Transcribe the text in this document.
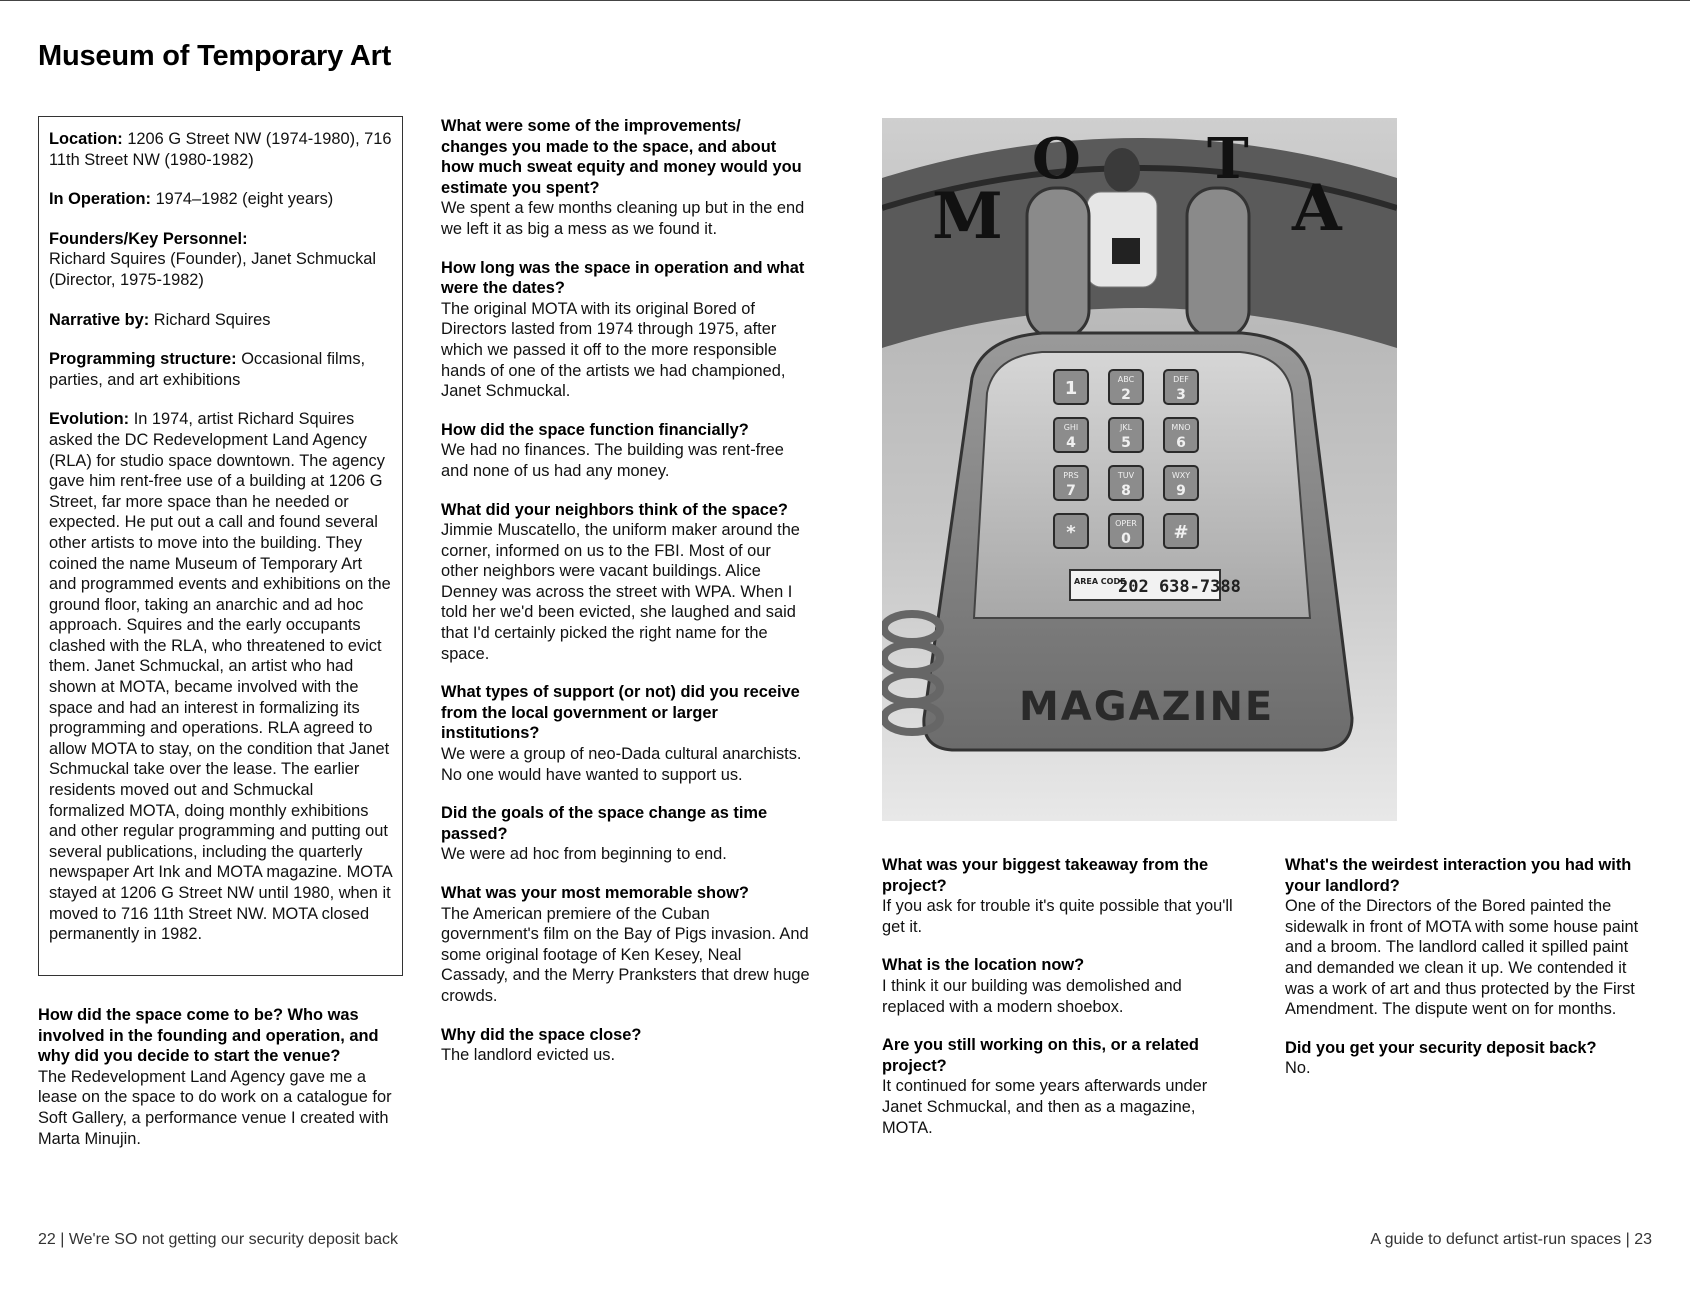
Museum of Temporary Art
Location: 1206 G Street NW (1974-1980), 716 11th Street NW (1980-1982)
In Operation: 1974–1982 (eight years)
Founders/Key Personnel:
Richard Squires (Founder), Janet Schmuckal (Director, 1975-1982)
Narrative by: Richard Squires
Programming structure: Occasional films, parties, and art exhibitions
Evolution: In 1974, artist Richard Squires asked the DC Redevelopment Land Agency (RLA) for studio space downtown. The agency gave him rent-free use of a building at 1206 G Street, far more space than he needed or expected. He put out a call and found several other artists to move into the building. They coined the name Museum of Temporary Art and programmed events and exhibitions on the ground floor, taking an anarchic and ad hoc approach. Squires and the early occupants clashed with the RLA, who threatened to evict them. Janet Schmuckal, an artist who had shown at MOTA, became involved with the space and had an interest in formalizing its programming and operations. RLA agreed to allow MOTA to stay, on the condition that Janet Schmuckal take over the lease. The earlier residents moved out and Schmuckal formalized MOTA, doing monthly exhibitions and other regular programming and putting out several publications, including the quarterly newspaper Art Ink and MOTA magazine. MOTA stayed at 1206 G Street NW until 1980, when it moved to 716 11th Street NW. MOTA closed permanently in 1982.
How did the space come to be? Who was involved in the founding and operation, and why did you decide to start the venue?
The Redevelopment Land Agency gave me a lease on the space to do work on a catalogue for Soft Gallery, a performance venue I created with Marta Minujin.
What were some of the improvements/ changes you made to the space, and about how much sweat equity and money would you estimate you spent?
We spent a few months cleaning up but in the end we left it as big a mess as we found it.
How long was the space in operation and what were the dates?
The original MOTA with its original Bored of Directors lasted from 1974 through 1975, after which we passed it off to the more responsible hands of one of the artists we had championed, Janet Schmuckal.
How did the space function financially?
We had no finances. The building was rent-free and none of us had any money.
What did your neighbors think of the space?
Jimmie Muscatello, the uniform maker around the corner, informed on us to the FBI. Most of our other neighbors were vacant buildings. Alice Denney was across the street with WPA. When I told her we'd been evicted, she laughed and said that I'd certainly picked the right name for the space.
What types of support (or not) did you receive from the local government or larger institutions?
We were a group of neo-Dada cultural anarchists. No one would have wanted to support us.
Did the goals of the space change as time passed?
We were ad hoc from beginning to end.
What was your most memorable show?
The American premiere of the Cuban government's film on the Bay of Pigs invasion. And some original footage of Ken Kesey, Neal Cassady, and the Merry Pranksters that drew huge crowds.
Why did the space close?
The landlord evicted us.
M
O T
A
1	ABC
2
DEF
3
GHI
4
JKL
5
MNO
6
PRS
7
TUV
8
WXY
9
*	OPER
0 #
AREA CODE
202 638-7388
MAGAZINE
What was your biggest takeaway from the project?
If you ask for trouble it's quite possible that you'll get it.
What is the location now?
I think it our building was demolished and replaced with a modern shoebox.
Are you still working on this, or a related project?
It continued for some years afterwards under Janet Schmuckal, and then as a magazine, MOTA.
What's the weirdest interaction you had with your landlord?
One of the Directors of the Bored painted the sidewalk in front of MOTA with some house paint and a broom. The landlord called it spilled paint and demanded we clean it up. We contended it was a work of art and thus protected by the First Amendment. The dispute went on for months.
Did you get your security deposit back?
No.
22 | We're SO not getting our security deposit back	A guide to defunct artist-run spaces | 23
